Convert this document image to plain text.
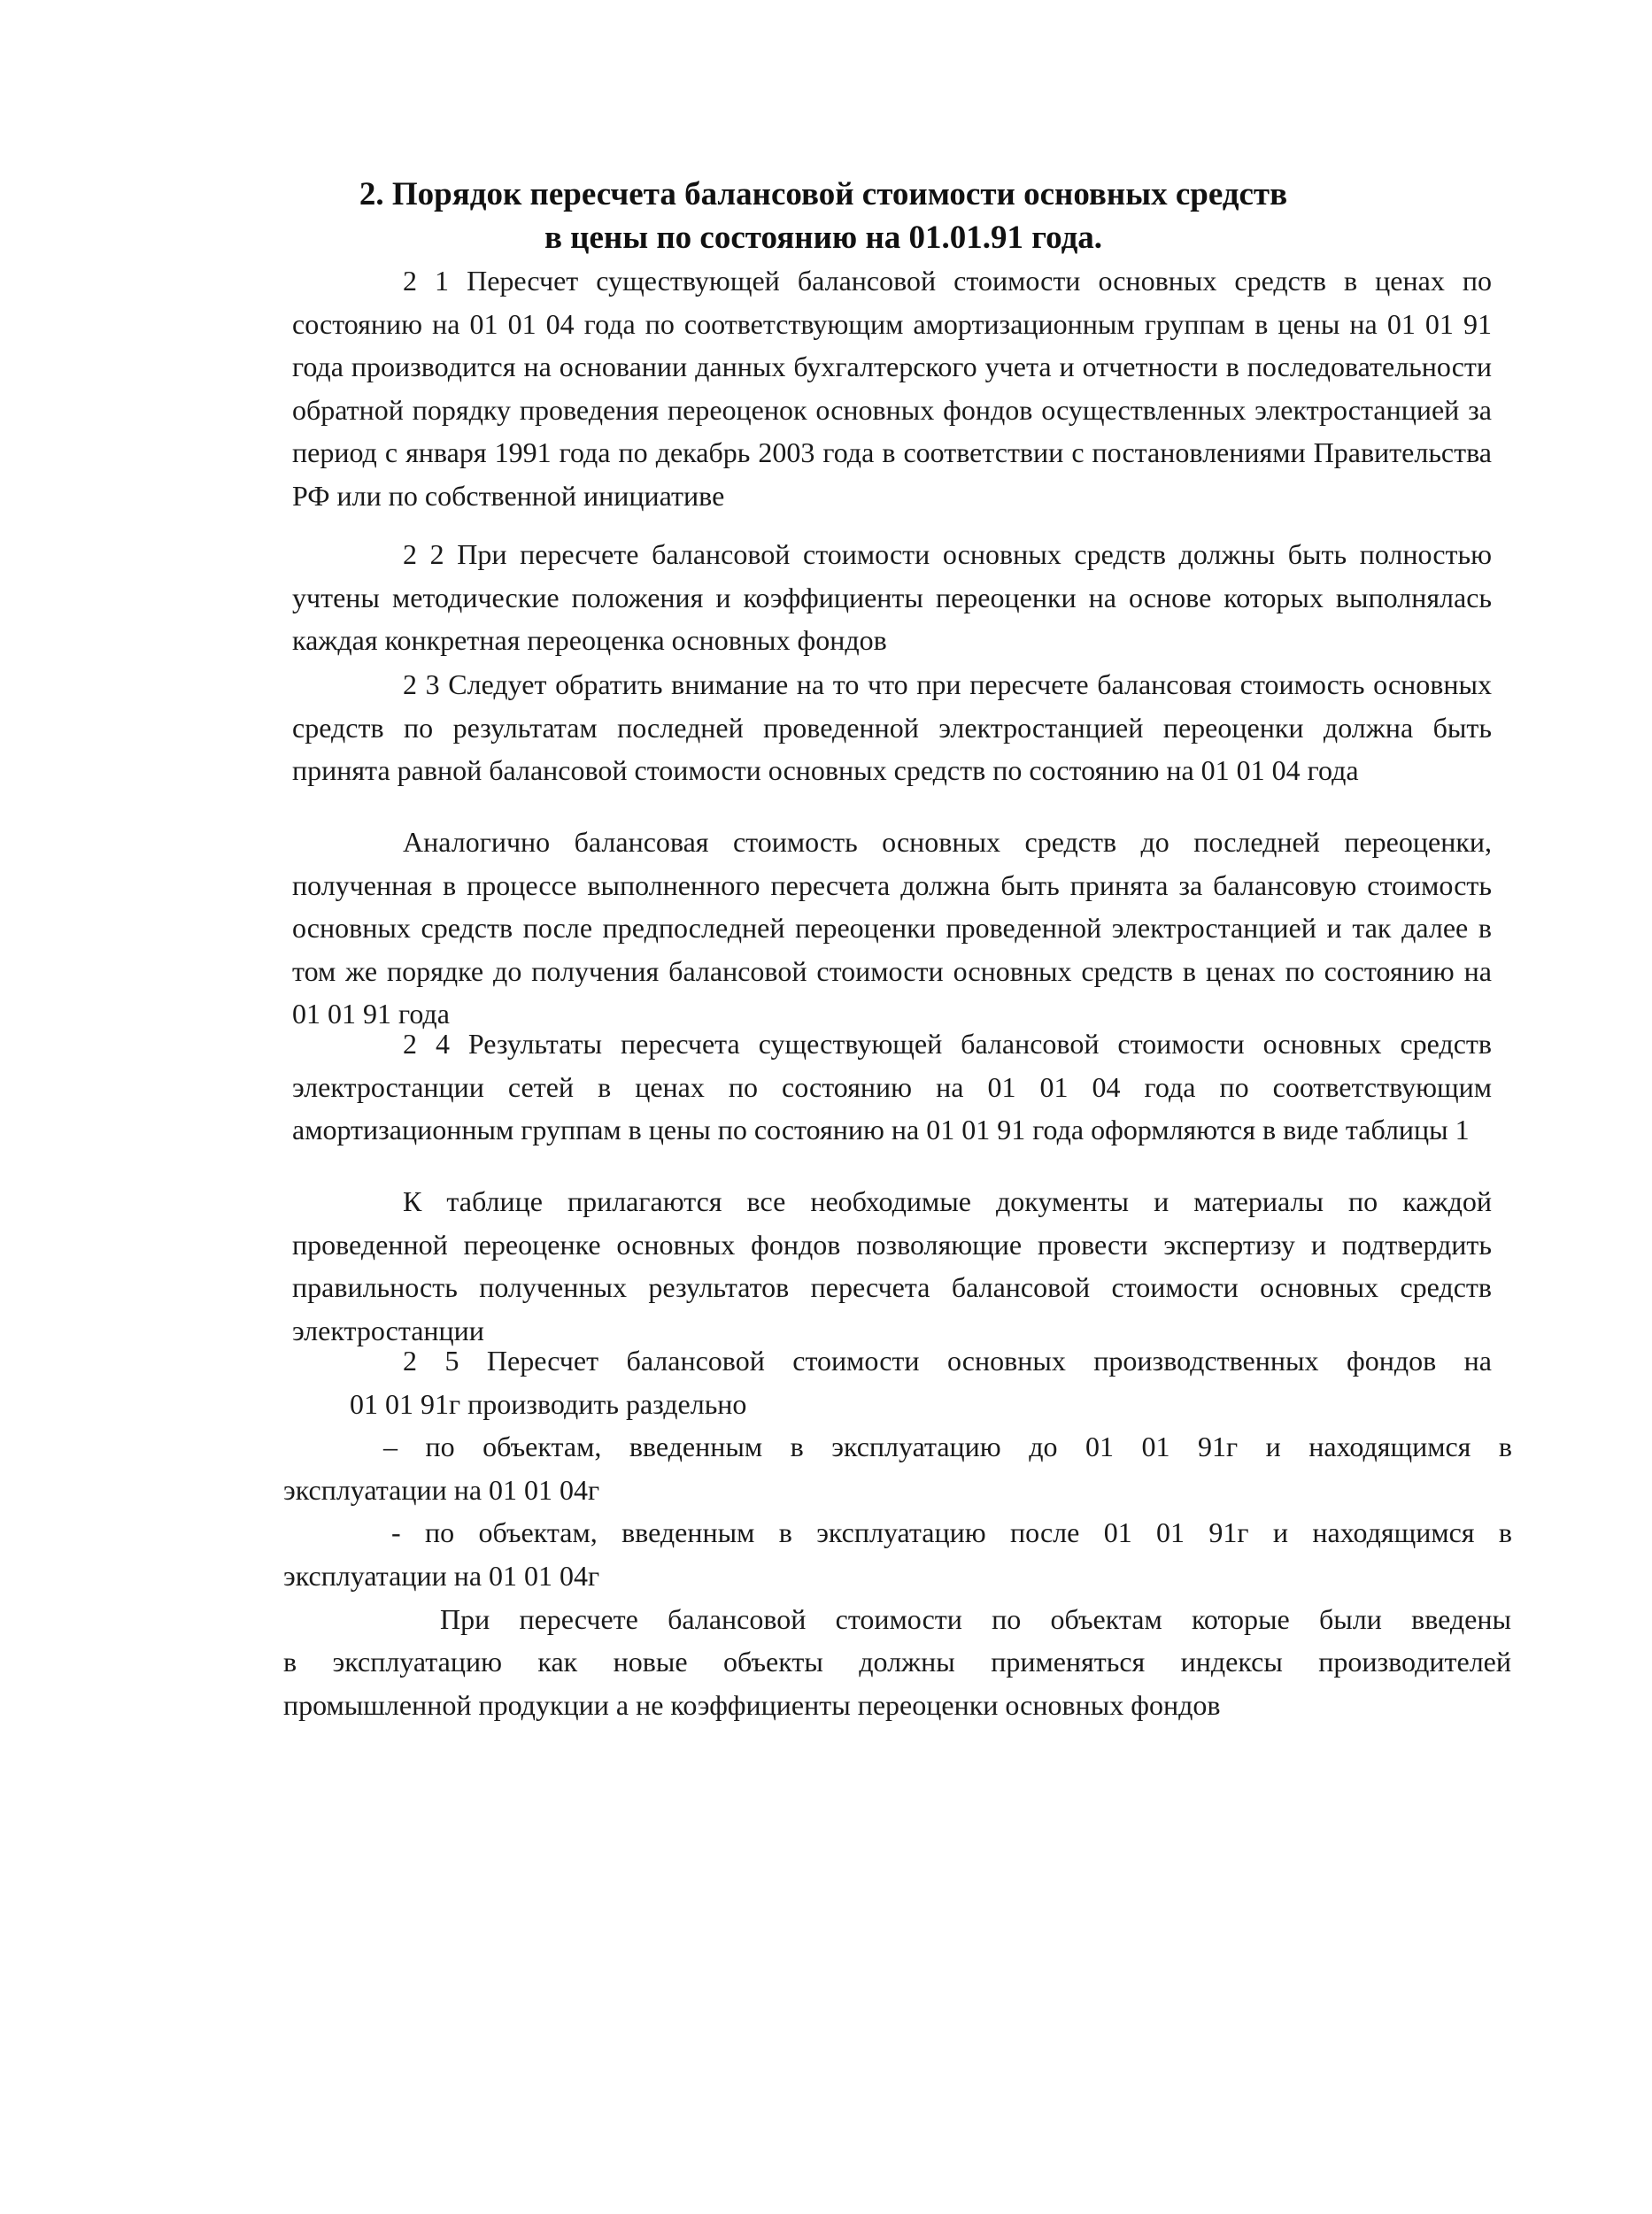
2. Порядок пересчета балансовой стоимости основных средств
в цены по состоянию на 01.01.91 года.

2 1 Пересчет существующей балансовой стоимости основных средств в ценах по состоянию на 01 01 04 года по соответствующим амортизационным группам в цены на 01 01 91 года производится на основании данных бухгалтерского учета и отчетности в последовательности обратной порядку проведения переоценок основных фондов осуществленных электростанцией за период с января 1991 года по декабрь 2003 года в соответствии с постановлениями Правительства РФ или по собственной инициативе

2 2 При пересчете балансовой стоимости основных средств должны быть полностью учтены методические положения и коэффициенты переоценки на основе которых выполнялась каждая конкретная переоценка основных фондов

2 3 Следует обратить внимание на то что при пересчете балансовая стоимость основных средств по результатам последней проведенной электростанцией переоценки должна быть принята равной балансовой стоимости основных средств по состоянию на 01 01 04 года

Аналогично балансовая стоимость основных средств до последней переоценки, полученная в процессе выполненного пересчета должна быть принята за балансовую стоимость основных средств после предпоследней переоценки проведенной электростанцией и так далее в том же порядке до получения балансовой стоимости основных средств в ценах по состоянию на 01 01 91 года

2 4 Результаты пересчета существующей балансовой стоимости основных средств электростанции сетей в ценах по состоянию на 01 01 04 года по соответствующим амортизационным группам в цены по состоянию на 01 01 91 года оформляются в виде таблицы 1

К таблице прилагаются все необходимые документы и материалы по каждой проведенной переоценке основных фондов позволяющие провести экспертизу и подтвердить правильность полученных результатов пересчета балансовой стоимости основных средств электростанции

2 5 Пересчет балансовой стоимости основных производственных фондов на

01 01 91г производить раздельно

– по объектам, введенным в эксплуатацию до 01 01 91г и находящимся в

эксплуатации на 01 01 04г

- по объектам, введенным в эксплуатацию после 01 01 91г и находящимся в

эксплуатации на 01 01 04г

При пересчете балансовой стоимости по объектам которые были введены

в эксплуатацию как новые объекты должны применяться индексы производителей

промышленной продукции а не коэффициенты переоценки основных фондов
